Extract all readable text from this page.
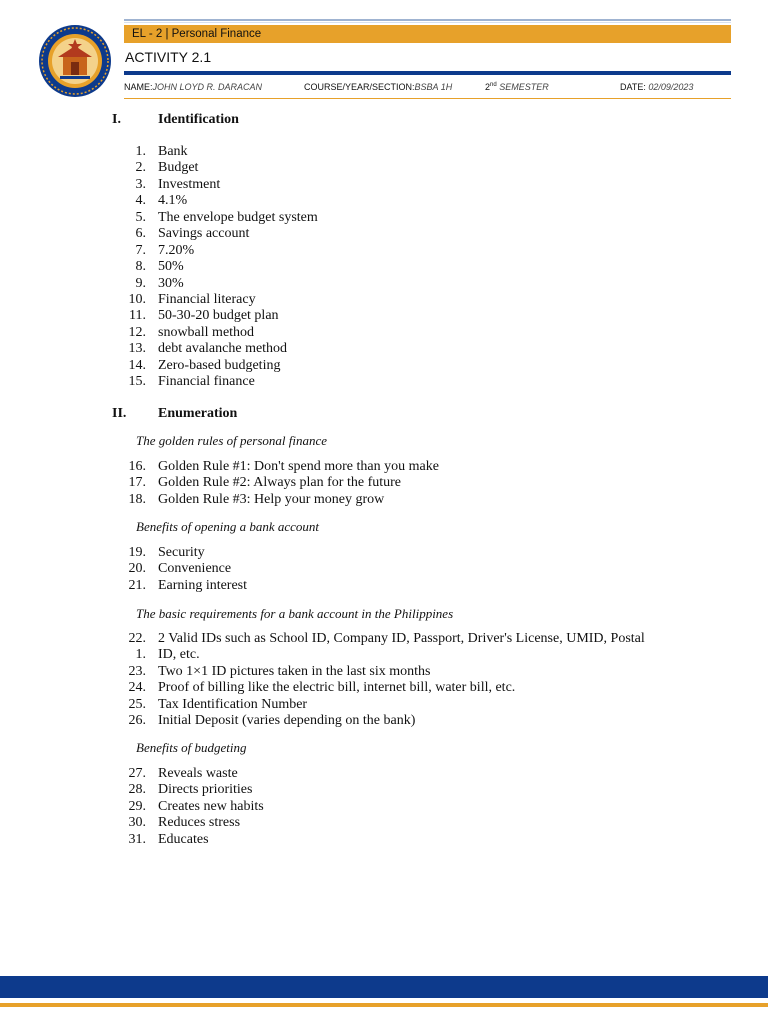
EL - 2 | Personal Finance
ACTIVITY 2.1
NAME:JOHN LOYD R. DARACAN	COURSE/YEAR/SECTION:BSBA 1H	2nd SEMESTER	DATE: 02/09/2023
I.	Identification
1. Bank
2. Budget
3. Investment
4. 4.1%
5. The envelope budget system
6. Savings account
7. 7.20%
8. 50%
9. 30%
10. Financial literacy
11. 50-30-20 budget plan
12. snowball method
13. debt avalanche method
14. Zero-based budgeting
15. Financial finance
II. Enumeration
The golden rules of personal finance
16. Golden Rule #1: Don't spend more than you make
17. Golden Rule #2: Always plan for the future
18. Golden Rule #3: Help your money grow
Benefits of opening a bank account
19. Security
20. Convenience
21. Earning interest
The basic requirements for a bank account in the Philippines
22. 2 Valid IDs such as School ID, Company ID, Passport, Driver's License, UMID, Postal
1. ID, etc.
23. Two 1×1 ID pictures taken in the last six months
24. Proof of billing like the electric bill, internet bill, water bill, etc.
25. Tax Identification Number
26. Initial Deposit (varies depending on the bank)
Benefits of budgeting
27. Reveals waste
28. Directs priorities
29. Creates new habits
30. Reduces stress
31. Educates
